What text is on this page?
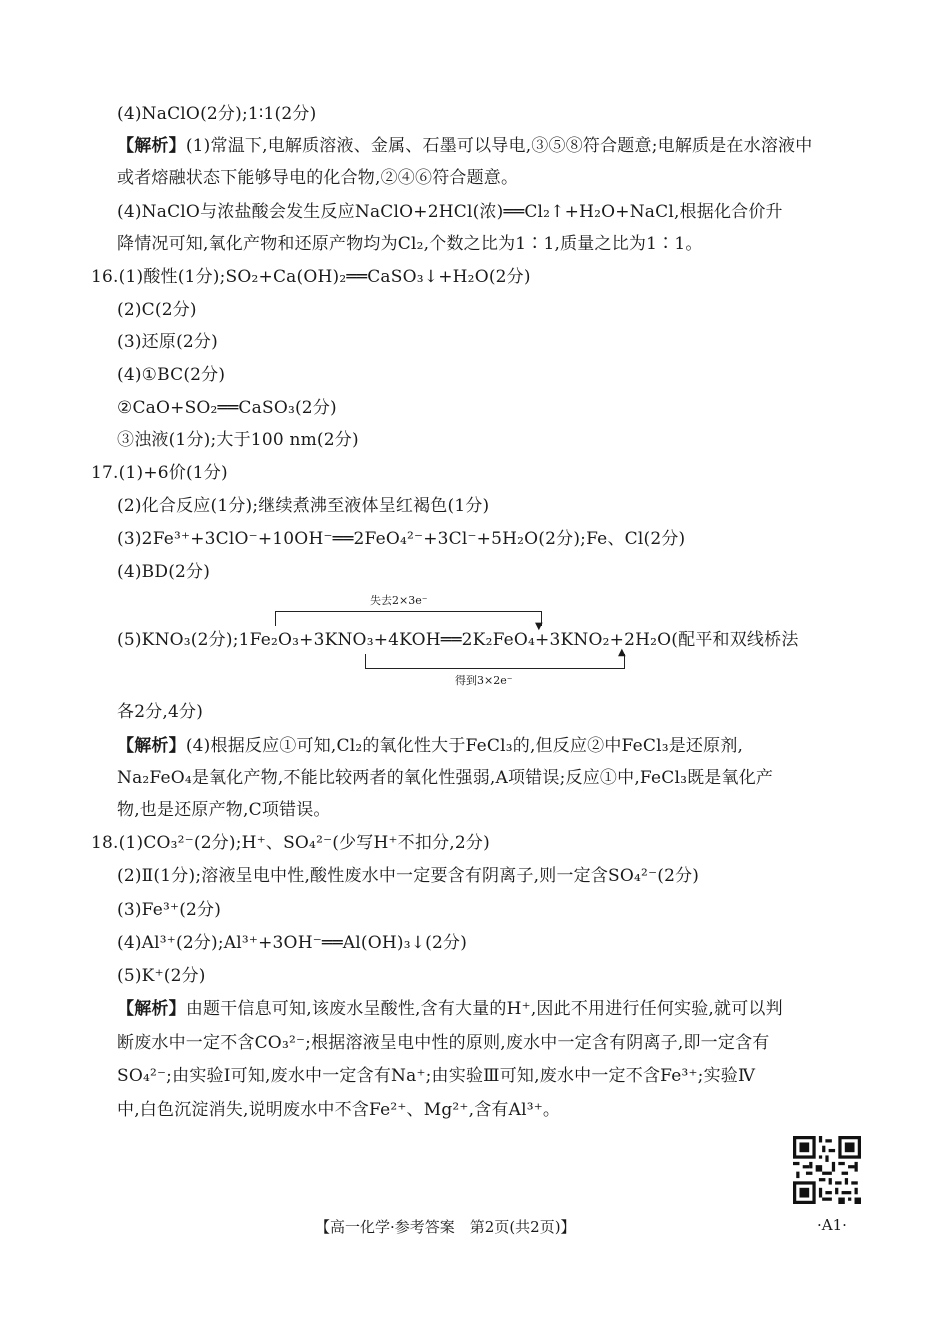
(4)NaClO(2分);1∶1(2分)
【解析】(1)常温下,电解质溶液、金属、石墨可以导电,③⑤⑧符合题意;电解质是在水溶液中
或者熔融状态下能够导电的化合物,②④⑥符合题意。
(4)NaClO与浓盐酸会发生反应NaClO+2HCl(浓)══Cl₂↑+H₂O+NaCl,根据化合价升
降情况可知,氧化产物和还原产物均为Cl₂,个数之比为1∶1,质量之比为1∶1。
16.(1)酸性(1分);SO₂+Ca(OH)₂══CaSO₃↓+H₂O(2分)
(2)C(2分)
(3)还原(2分)
(4)①BC(2分)
②CaO+SO₂══CaSO₃(2分)
③浊液(1分);大于100 nm(2分)
17.(1)+6价(1分)
(2)化合反应(1分);继续煮沸至液体呈红褐色(1分)
(3)2Fe³⁺+3ClO⁻+10OH⁻══2FeO₄²⁻+3Cl⁻+5H₂O(2分);Fe、Cl(2分)
(4)BD(2分)
失去2×3e⁻
▼
▲
得到3×2e⁻
(5)KNO₃(2分);1Fe₂O₃+3KNO₃+4KOH══2K₂FeO₄+3KNO₂+2H₂O(配平和双线桥法
各2分,4分)
【解析】(4)根据反应①可知,Cl₂的氧化性大于FeCl₃的,但反应②中FeCl₃是还原剂,
Na₂FeO₄是氧化产物,不能比较两者的氧化性强弱,A项错误;反应①中,FeCl₃既是氧化产
物,也是还原产物,C项错误。
18.(1)CO₃²⁻(2分);H⁺、SO₄²⁻(少写H⁺不扣分,2分)
(2)Ⅱ(1分);溶液呈电中性,酸性废水中一定要含有阴离子,则一定含SO₄²⁻(2分)
(3)Fe³⁺(2分)
(4)Al³⁺(2分);Al³⁺+3OH⁻══Al(OH)₃↓(2分)
(5)K⁺(2分)
【解析】由题干信息可知,该废水呈酸性,含有大量的H⁺,因此不用进行任何实验,就可以判
断废水中一定不含CO₃²⁻;根据溶液呈电中性的原则,废水中一定含有阴离子,即一定含有
SO₄²⁻;由实验Ⅰ可知,废水中一定含有Na⁺;由实验Ⅲ可知,废水中一定不含Fe³⁺;实验Ⅳ
中,白色沉淀消失,说明废水中不含Fe²⁺、Mg²⁺,含有Al³⁺。
【高一化学·参考答案　第2页(共2页)】	·A1·
